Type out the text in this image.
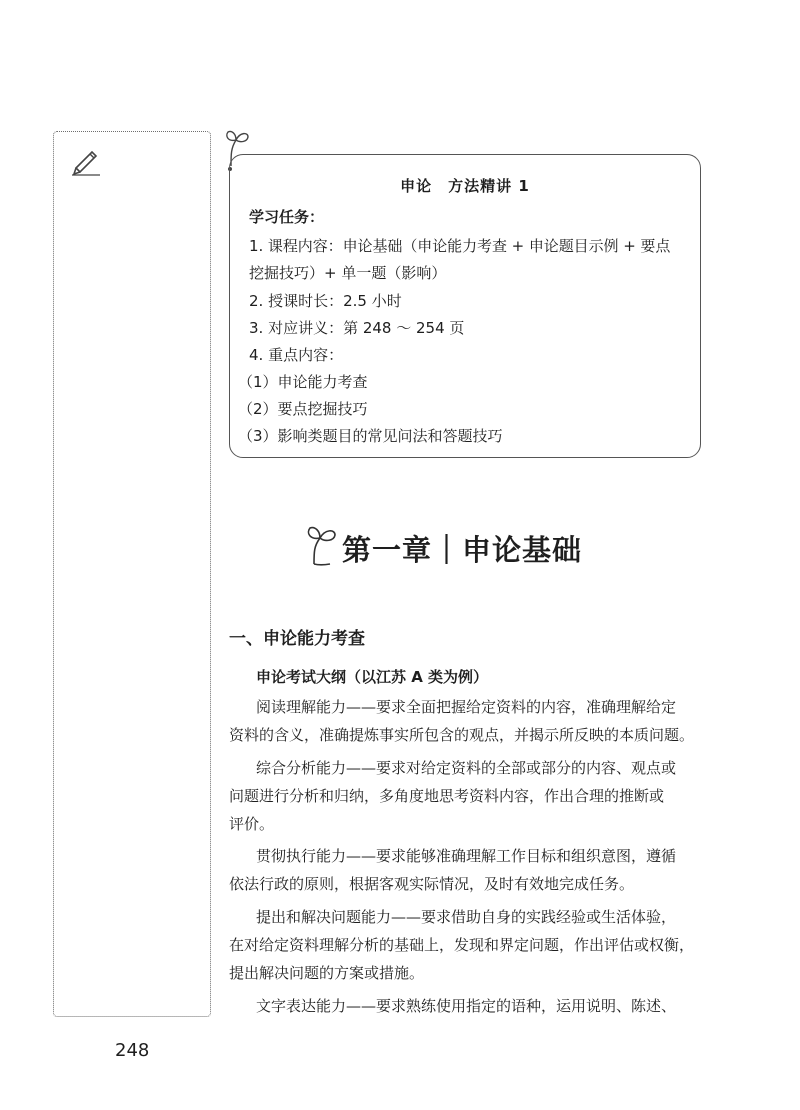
申论　方法精讲 1
学习任务：
1. 课程内容：申论基础（申论能力考查 + 申论题目示例 + 要点
挖掘技巧）+ 单一题（影响）
2. 授课时长：2.5 小时
3. 对应讲义：第 248 ～ 254 页
4. 重点内容：
（1）申论能力考查
（2）要点挖掘技巧
（3）影响类题目的常见问法和答题技巧
第一章｜申论基础
一、申论能力考查
申论考试大纲（以江苏 A 类为例）
阅读理解能力——要求全面把握给定资料的内容，准确理解给定
资料的含义，准确提炼事实所包含的观点，并揭示所反映的本质问题。
综合分析能力——要求对给定资料的全部或部分的内容、观点或
问题进行分析和归纳，多角度地思考资料内容，作出合理的推断或
评价。
贯彻执行能力——要求能够准确理解工作目标和组织意图，遵循
依法行政的原则，根据客观实际情况，及时有效地完成任务。
提出和解决问题能力——要求借助自身的实践经验或生活体验，
在对给定资料理解分析的基础上，发现和界定问题，作出评估或权衡，
提出解决问题的方案或措施。
文字表达能力——要求熟练使用指定的语种，运用说明、陈述、
248
